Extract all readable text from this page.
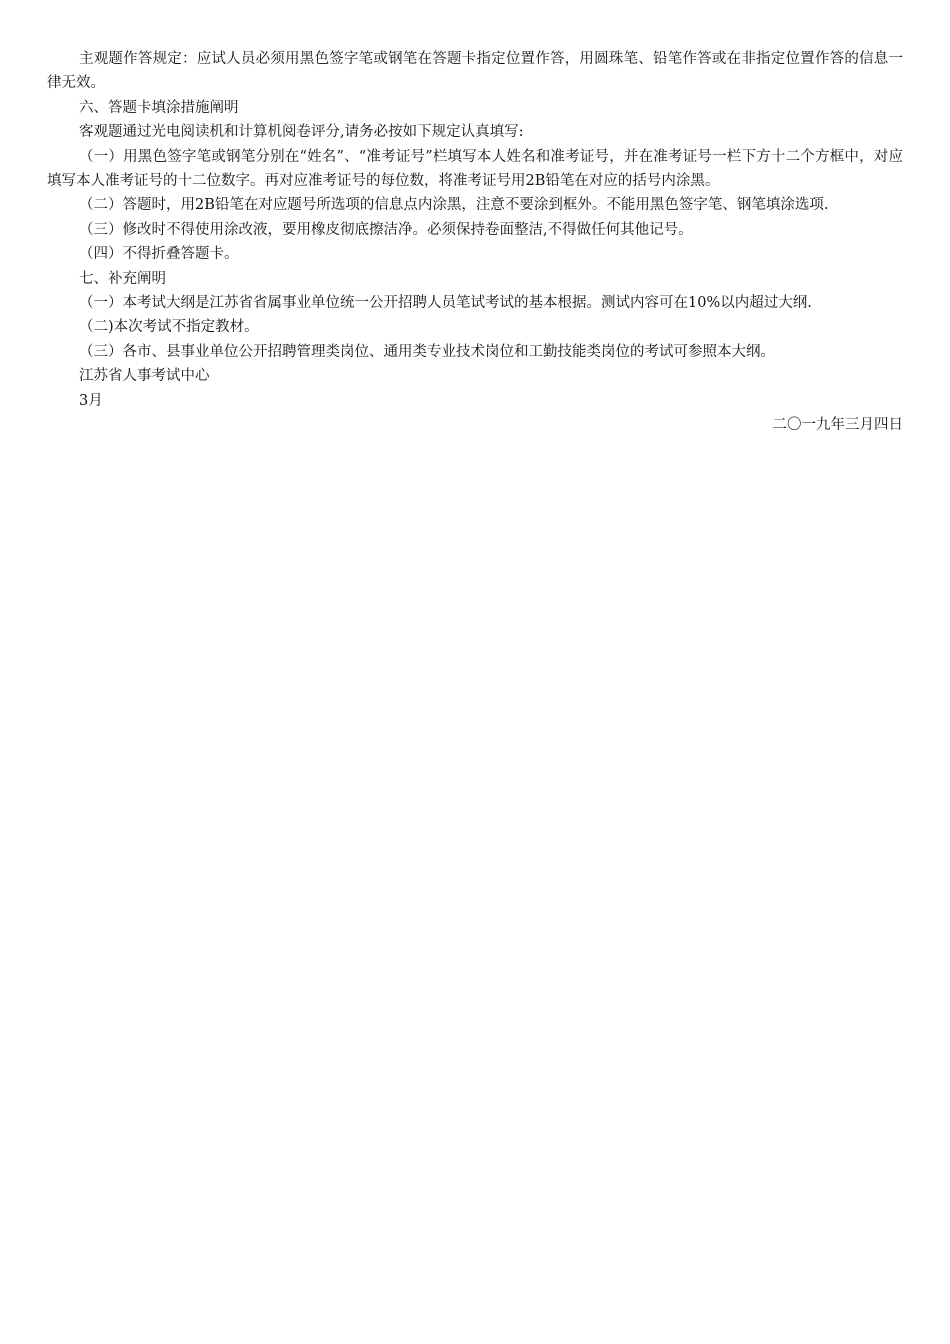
主观题作答规定：应试人员必须用黑色签字笔或钢笔在答题卡指定位置作答，用圆珠笔、铅笔作答或在非指定位置作答的信息一律无效。

六、答题卡填涂措施阐明

客观题通过光电阅读机和计算机阅卷评分,请务必按如下规定认真填写:

（一）用黑色签字笔或钢笔分别在“姓名”、“准考证号”栏填写本人姓名和准考证号，并在准考证号一栏下方十二个方框中，对应填写本人准考证号的十二位数字。再对应准考证号的每位数，将准考证号用2B铅笔在对应的括号内涂黑。

（二）答题时，用2B铅笔在对应题号所选项的信息点内涂黑，注意不要涂到框外。不能用黑色签字笔、钢笔填涂选项.

（三）修改时不得使用涂改液，要用橡皮彻底擦洁净。必须保持卷面整洁,不得做任何其他记号。

（四）不得折叠答题卡。

七、补充阐明

（一）本考试大纲是江苏省省属事业单位统一公开招聘人员笔试考试的基本根据。测试内容可在10%以内超过大纲.

（二)本次考试不指定教材。

（三）各市、县事业单位公开招聘管理类岗位、通用类专业技术岗位和工勤技能类岗位的考试可参照本大纲。

江苏省人事考试中心

3月

二〇一九年三月四日
